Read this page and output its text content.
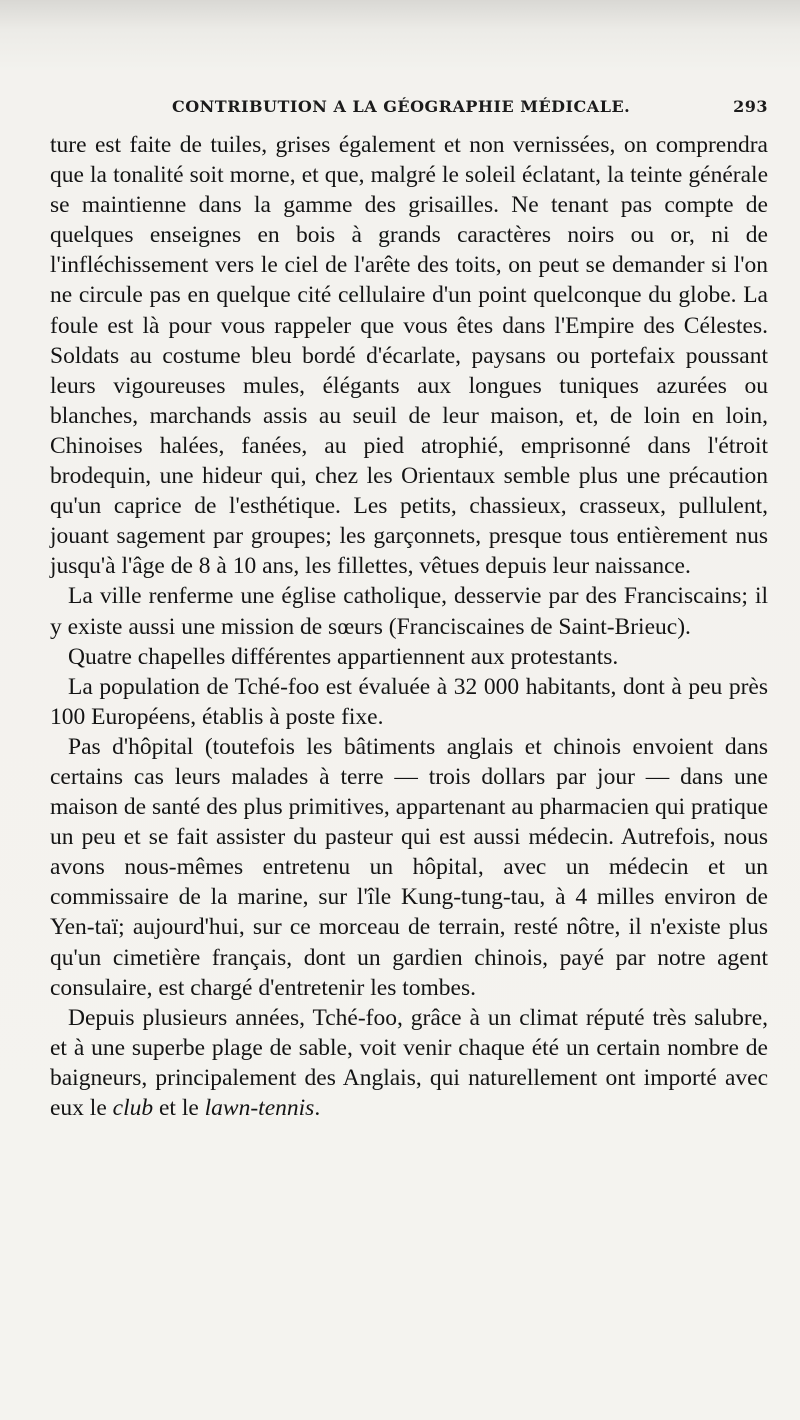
CONTRIBUTION A LA GÉOGRAPHIE MÉDICALE.	293

ture est faite de tuiles, grises également et non vernissées, on comprendra que la tonalité soit morne, et que, malgré le soleil éclatant, la teinte générale se maintienne dans la gamme des grisailles. Ne tenant pas compte de quelques enseignes en bois à grands caractères noirs ou or, ni de l'infléchissement vers le ciel de l'arête des toits, on peut se demander si l'on ne circule pas en quelque cité cellulaire d'un point quelconque du globe. La foule est là pour vous rappeler que vous êtes dans l'Empire des Célestes. Soldats au costume bleu bordé d'écarlate, paysans ou portefaix poussant leurs vigoureuses mules, élégants aux longues tuniques azurées ou blanches, marchands assis au seuil de leur maison, et, de loin en loin, Chinoises halées, fanées, au pied atrophié, emprisonné dans l'étroit brodequin, une hideur qui, chez les Orientaux semble plus une précaution qu'un caprice de l'esthétique. Les petits, chassieux, crasseux, pullulent, jouant sagement par groupes; les garçonnets, presque tous entièrement nus jusqu'à l'âge de 8 à 10 ans, les fillettes, vêtues depuis leur naissance.

La ville renferme une église catholique, desservie par des Franciscains; il y existe aussi une mission de sœurs (Franciscaines de Saint-Brieuc).

Quatre chapelles différentes appartiennent aux protestants.

La population de Tché-foo est évaluée à 32 000 habitants, dont à peu près 100 Européens, établis à poste fixe.

Pas d'hôpital (toutefois les bâtiments anglais et chinois envoient dans certains cas leurs malades à terre — trois dollars par jour — dans une maison de santé des plus primitives, appartenant au pharmacien qui pratique un peu et se fait assister du pasteur qui est aussi médecin. Autrefois, nous avons nous-mêmes entretenu un hôpital, avec un médecin et un commissaire de la marine, sur l'île Kung-tung-tau, à 4 milles environ de Yen-taï; aujourd'hui, sur ce morceau de terrain, resté nôtre, il n'existe plus qu'un cimetière français, dont un gardien chinois, payé par notre agent consulaire, est chargé d'entretenir les tombes.

Depuis plusieurs années, Tché-foo, grâce à un climat réputé très salubre, et à une superbe plage de sable, voit venir chaque été un certain nombre de baigneurs, principalement des Anglais, qui naturellement ont importé avec eux le club et le lawn-tennis.
